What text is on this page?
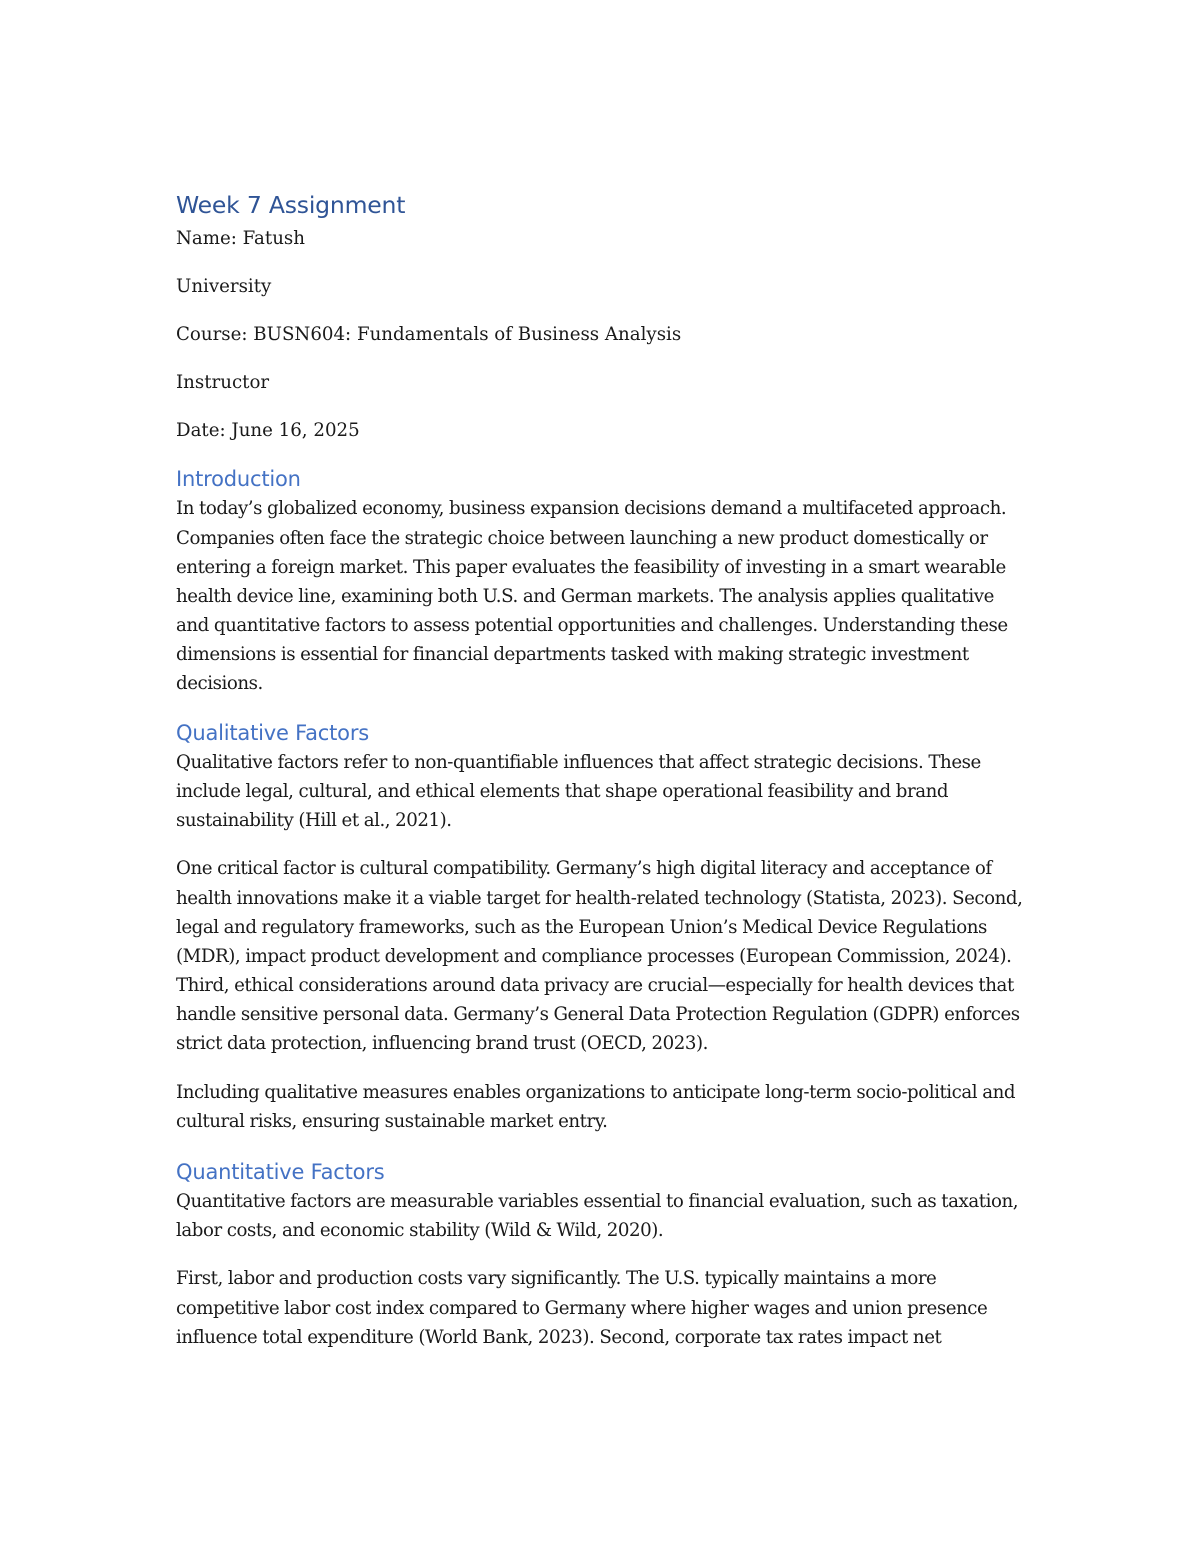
Week 7 Assignment

Name: Fatush

University

Course: BUSN604: Fundamentals of Business Analysis

Instructor

Date: June 16, 2025

Introduction

In today’s globalized economy, business expansion decisions demand a multifaceted approach. Companies often face the strategic choice between launching a new product domestically or entering a foreign market. This paper evaluates the feasibility of investing in a smart wearable health device line, examining both U.S. and German markets. The analysis applies qualitative and quantitative factors to assess potential opportunities and challenges. Understanding these dimensions is essential for financial departments tasked with making strategic investment decisions.

Qualitative Factors

Qualitative factors refer to non-quantifiable influences that affect strategic decisions. These include legal, cultural, and ethical elements that shape operational feasibility and brand sustainability (Hill et al., 2021).

One critical factor is cultural compatibility. Germany’s high digital literacy and acceptance of health innovations make it a viable target for health-related technology (Statista, 2023). Second, legal and regulatory frameworks, such as the European Union’s Medical Device Regulations (MDR), impact product development and compliance processes (European Commission, 2024). Third, ethical considerations around data privacy are crucial—especially for health devices that handle sensitive personal data. Germany’s General Data Protection Regulation (GDPR) enforces strict data protection, influencing brand trust (OECD, 2023).

Including qualitative measures enables organizations to anticipate long-term socio-political and cultural risks, ensuring sustainable market entry.

Quantitative Factors

Quantitative factors are measurable variables essential to financial evaluation, such as taxation, labor costs, and economic stability (Wild & Wild, 2020).

First, labor and production costs vary significantly. The U.S. typically maintains a more competitive labor cost index compared to Germany where higher wages and union presence influence total expenditure (World Bank, 2023). Second, corporate tax rates impact net
